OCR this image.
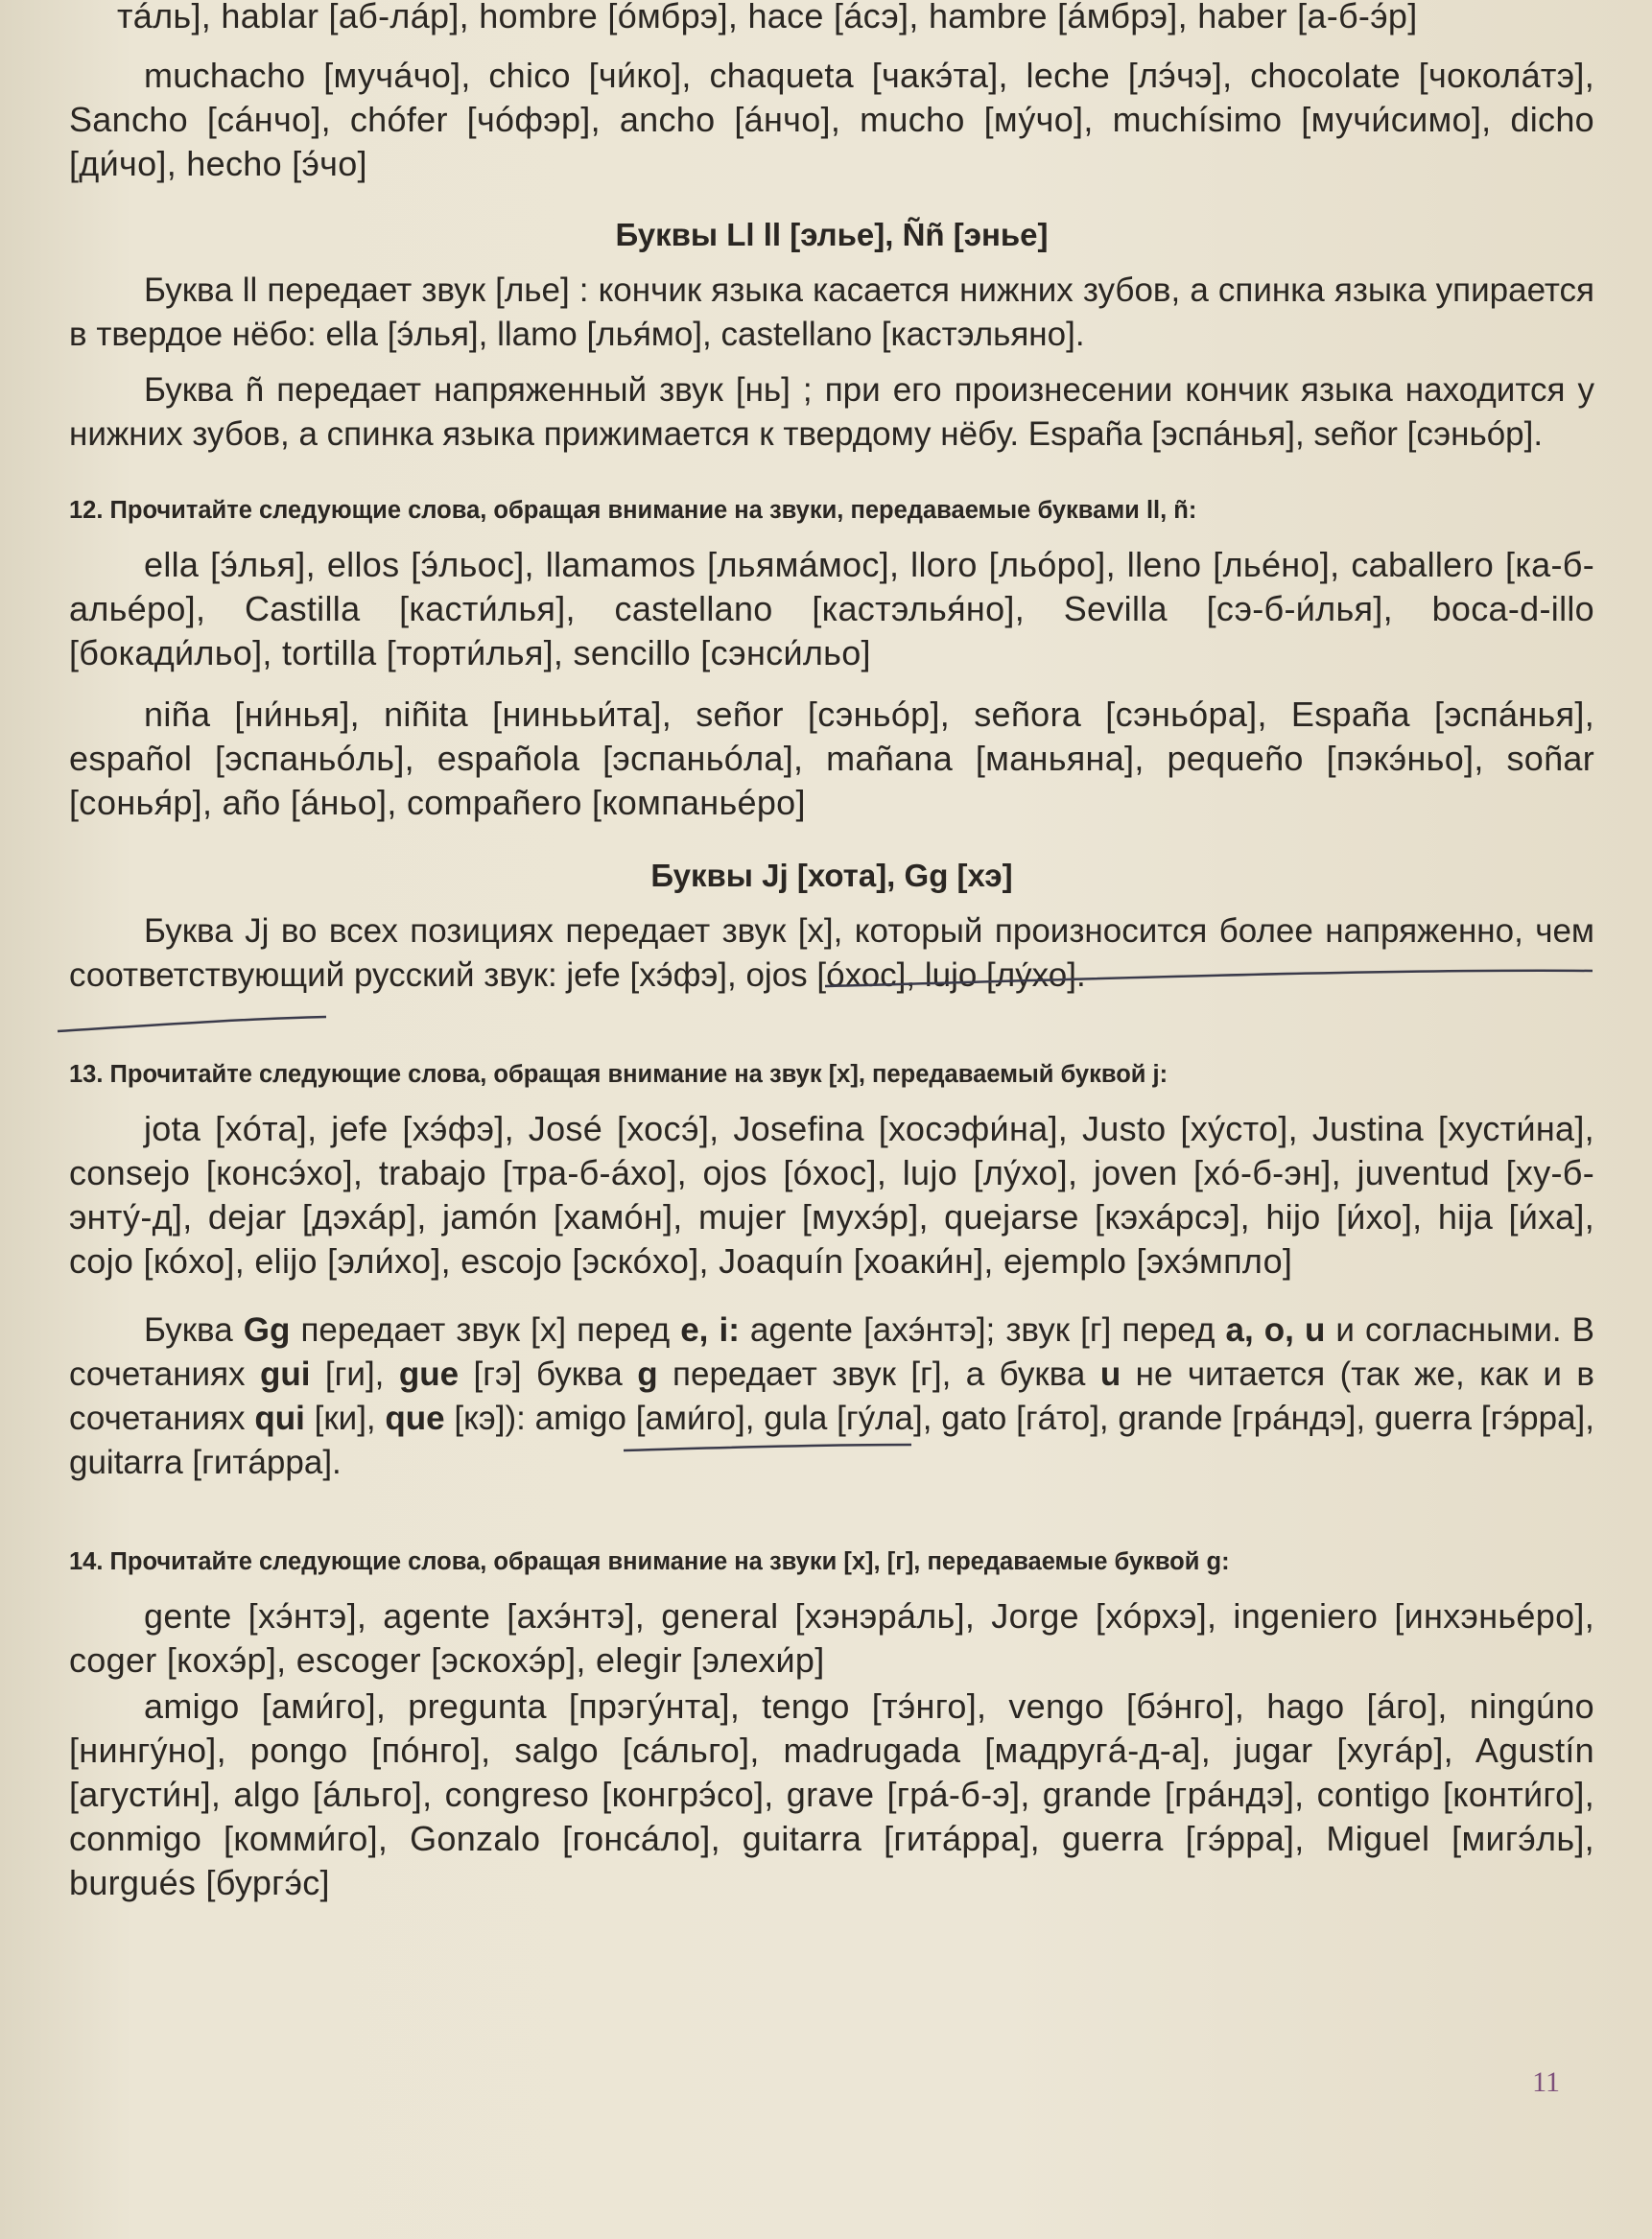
тáль], hablar [аб-лáр], hombre [óмбрэ], hace [áсэ], hambre [áмбрэ], haber [а-б-э́р]

muchacho [мучáчо], chico [чи́ко], chaqueta [чакэ́та], leche [лэ́чэ], chocolate [чоколáтэ], Sancho [сáнчо], chófer [чóфэр], ancho [áнчо], mucho [му́чо], muchísimo [мучи́симо], dicho [ди́чо], hecho [э́чо]

Буквы Ll ll [элье], Ññ [энье]

Буква ll передает звук [лье] : кончик языка касается нижних зубов, а спинка языка упирается в твердое нёбо: ella [э́лья], llamo [лья́мо], castellano [кастэльяно].

Буква ñ передает напряженный звук [нь] ; при его произнесении кончик языка находится у нижних зубов, а спинка языка прижимается к твердому нёбу. España [эспáнья], señor [сэньóр].

12. Прочитайте следующие слова, обращая внимание на звуки, передаваемые буквами ll, ñ:

ella [э́лья], ellos [э́льос], llamamos [льямáмос], lloro [льóро], lleno [льéно], caballero [ка-б-альéро], Castilla [касти́лья], castellano [кастэлья́но], Sevilla [сэ-б-и́лья], boca-d-illo [бокади́льо], tortilla [торти́лья], sencillo [сэнси́льо]

niña [ни́нья], niñita [нинььи́та], señor [сэньóр], señora [сэньóра], España [эспáнья], español [эспаньóль], española [эспаньóла], mañana [маньяна], pequeño [пэкэ́ньо], soñar [сонья́р], año [áньо], compañero [компаньéро]

Буквы Jj [хота], Gg [хэ]

Буква Jj во всех позициях передает звук [х], который произносится более напряженно, чем соответствующий русский звук: jefe [хэ́фэ], ojos [óхос], lujo [лу́хо].

13. Прочитайте следующие слова, обращая внимание на звук [х], передаваемый буквой j:

jota [хóта], jefe [хэ́фэ], José [хосэ́], Josefina [хосэфи́на], Justo [ху́сто], Justina [хусти́на], consejo [консэ́хо], trabajo [тра-б-áхо], ojos [óхос], lujo [лу́хо], joven [хó-б-эн], juventud [ху-б-энту́-д], dejar [дэхáр], jamón [хамóн], mujer [мухэ́р], quejarse [кэхáрсэ], hijo [и́хо], hija [и́ха], cojo [кóхо], elijo [эли́хо], escojo [эскóхо], Joaquín [хоаки́н], ejemplo [эхэ́мпло]

Буква Gg передает звук [х] перед e, i: agente [ахэ́нтэ]; звук [г] перед a, o, u и согласными. В сочетаниях gui [ги], gue [гэ] буква g передает звук [г], а буква u не читается (так же, как и в сочетаниях qui [ки], que [кэ]): amigo [ами́го], gula [гу́ла], gato [гáто], grande [грáндэ], guerra [гэ́рра], guitarra [гитáрра].

14. Прочитайте следующие слова, обращая внимание на звуки [х], [г], передаваемые буквой g:

gente [хэ́нтэ], agente [ахэ́нтэ], general [хэнэрáль], Jorge [хóрхэ], ingeniero [инхэньéро], coger [кохэ́р], escoger [эскохэ́р], elegir [элехи́р]

amigo [ами́го], pregunta [прэгу́нта], tengo [тэ́нго], vengo [бэ́нго], hago [áго], ningúno [нингу́но], pongo [пóнго], salgo [сáльго], madrugada [мадругá-д-а], jugar [хугáр], Agustín [агусти́н], algo [áльго], congreso [конгрэ́со], grave [грá-б-э], grande [грáндэ], contigo [конти́го], conmigo [комми́го], Gonzalo [гонсáло], guitarra [гитáрра], guerra [гэ́рра], Miguel [мигэ́ль], burgués [бургэ́с]

11
